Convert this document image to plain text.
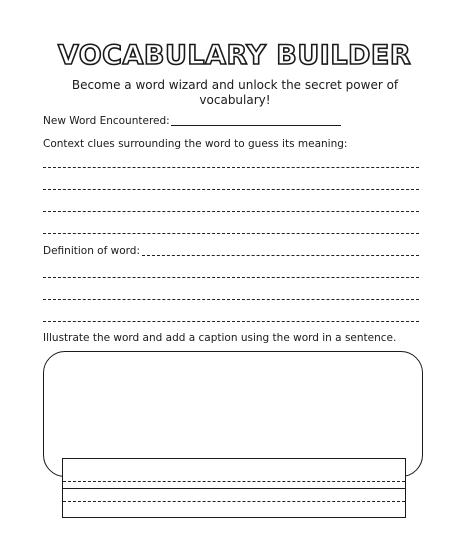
VOCABULARY BUILDER
Become a word wizard and unlock the secret power of vocabulary!
New Word Encountered:
Context clues surrounding the word to guess its meaning:
Definition of word:
Illustrate the word and add a caption using the word in a sentence.
